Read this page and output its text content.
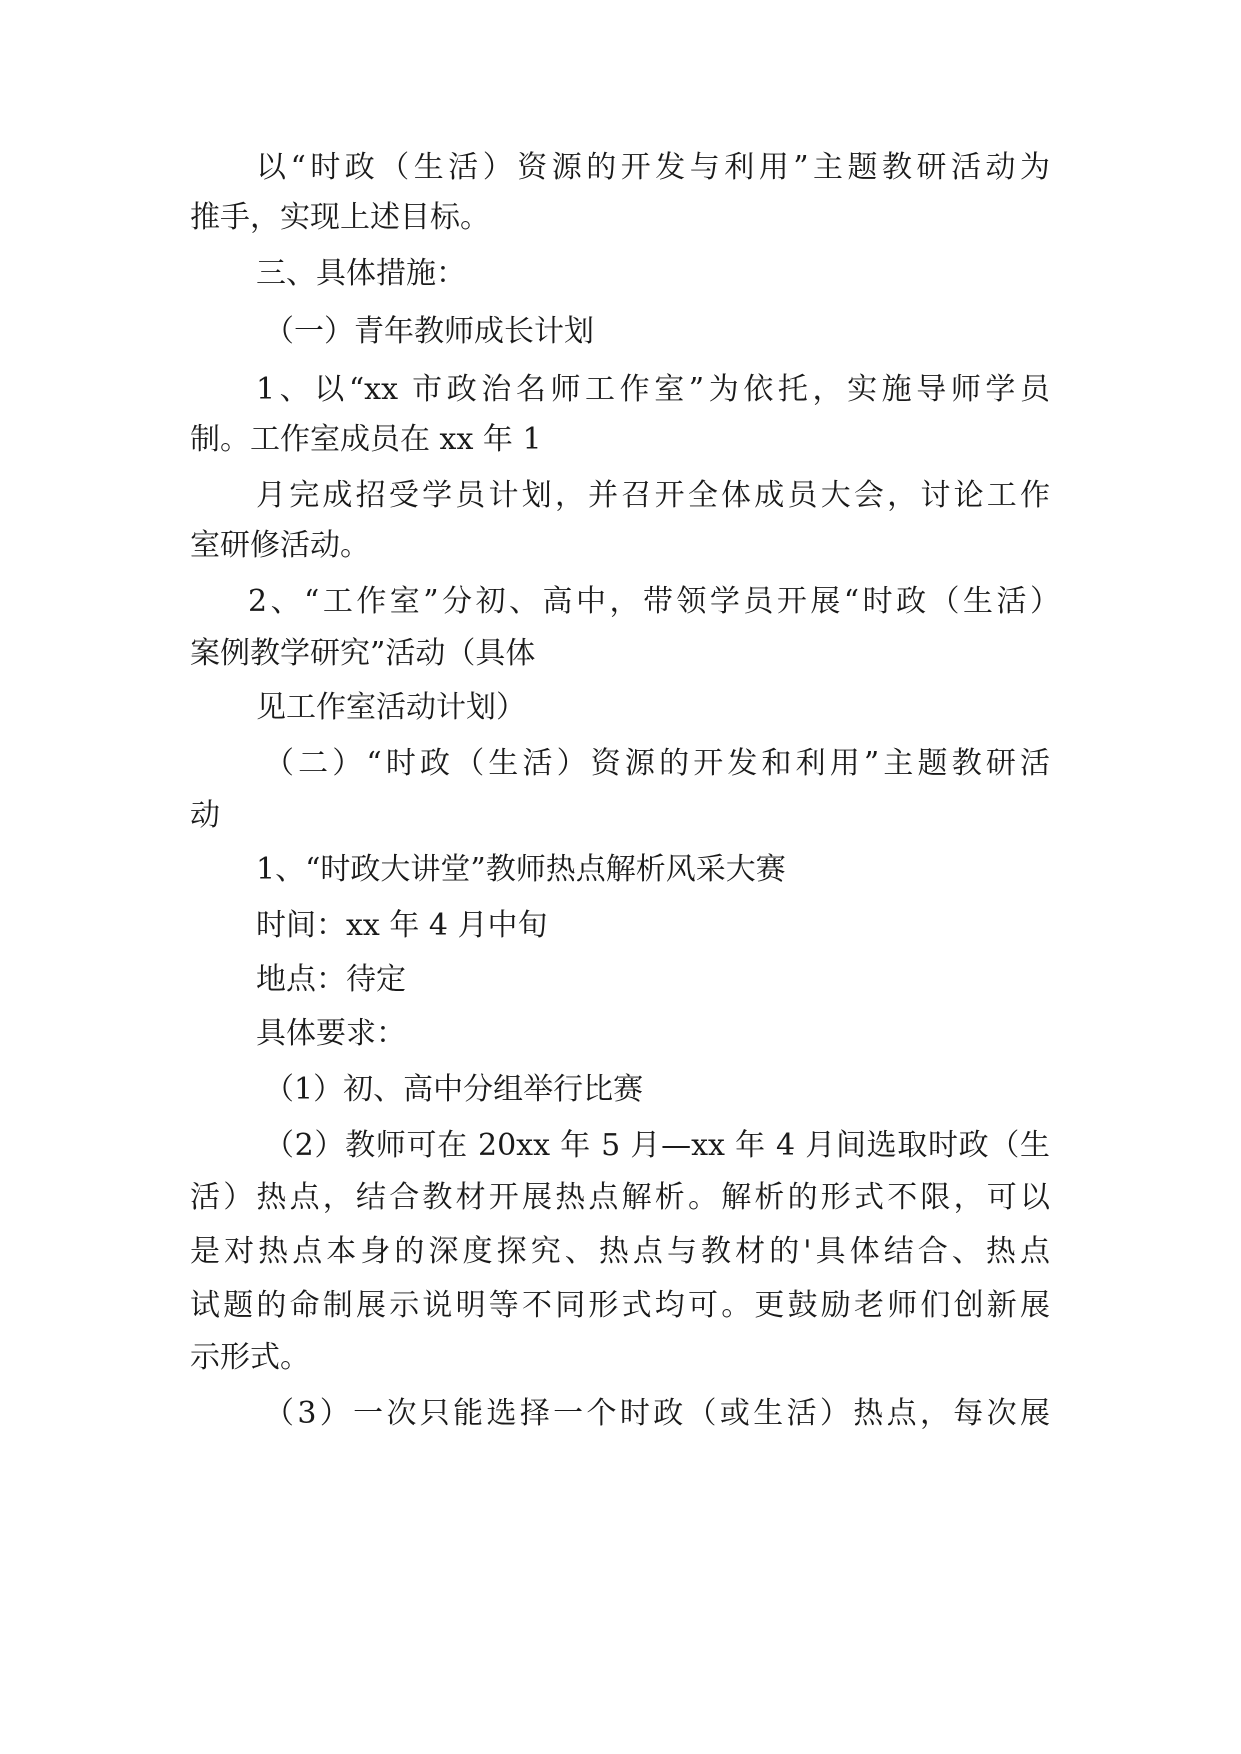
以“时政（生活）资源的开发与利用”主题教研活动为

推手，实现上述目标。

三、具体措施：

（一）青年教师成长计划

1、以“xx 市政治名师工作室”为依托，实施导师学员

制。工作室成员在 xx 年 1

月完成招受学员计划，并召开全体成员大会，讨论工作

室研修活动。

2、“工作室”分初、高中，带领学员开展“时政（生活）

案例教学研究”活动（具体

见工作室活动计划）

（二）“时政（生活）资源的开发和利用”主题教研活

动

1、“时政大讲堂”教师热点解析风采大赛

时间：xx 年 4 月中旬

地点：待定

具体要求：

（1）初、高中分组举行比赛

（2）教师可在 20xx 年 5 月—xx 年 4 月间选取时政（生

活）热点，结合教材开展热点解析。解析的形式不限，可以

是对热点本身的深度探究、热点与教材的'具体结合、热点

试题的命制展示说明等不同形式均可。更鼓励老师们创新展

示形式。

（3）一次只能选择一个时政（或生活）热点，每次展
